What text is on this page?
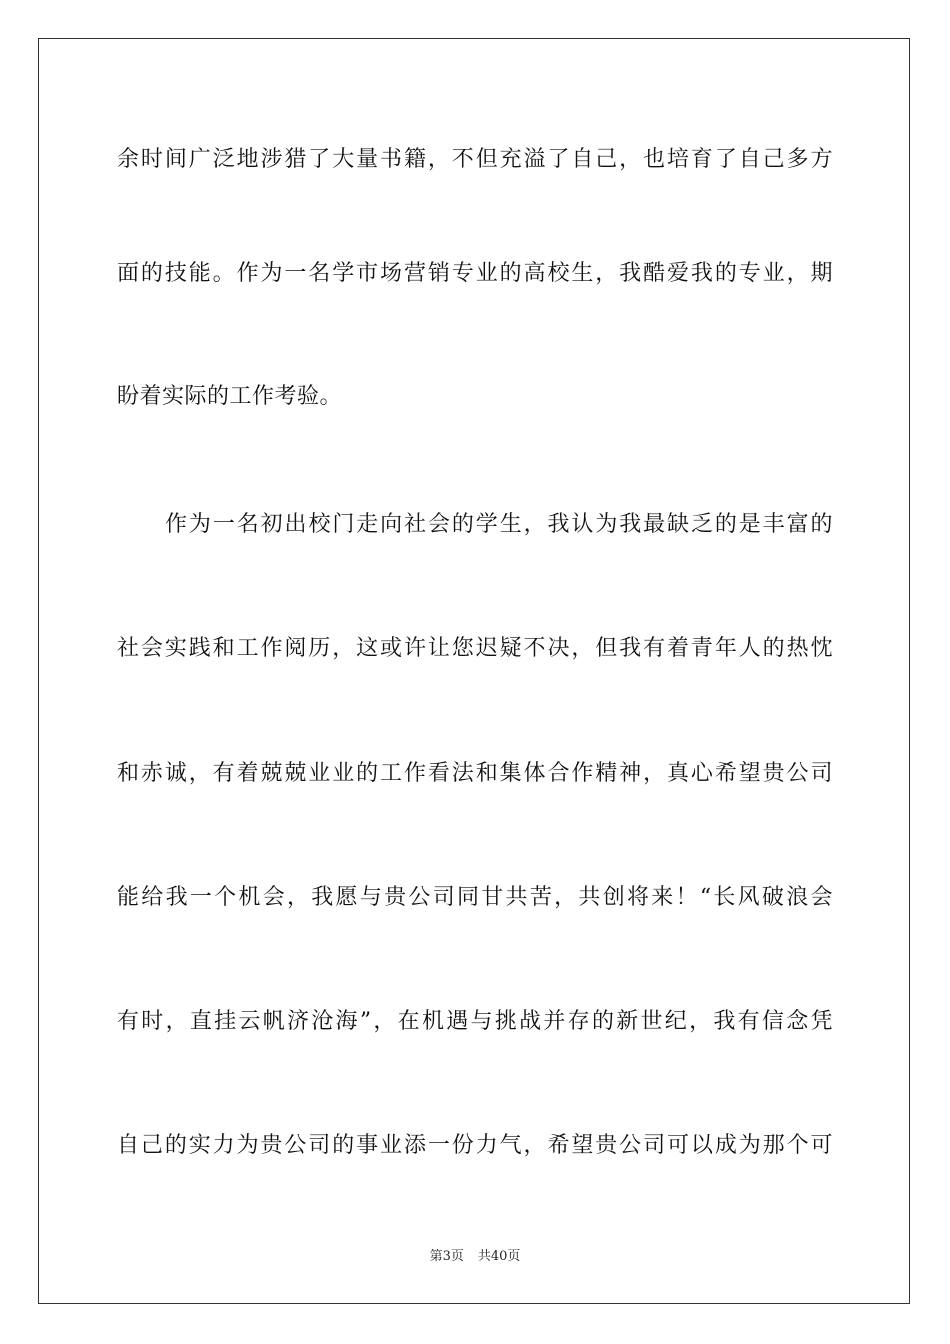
余时间广泛地涉猎了大量书籍，不但充溢了自己，也培育了自己多方
面的技能。作为一名学市场营销专业的高校生，我酷爱我的专业，期
盼着实际的工作考验。
作为一名初出校门走向社会的学生，我认为我最缺乏的是丰富的
社会实践和工作阅历，这或许让您迟疑不决，但我有着青年人的热忱
和赤诚，有着兢兢业业的工作看法和集体合作精神，真心希望贵公司
能给我一个机会，我愿与贵公司同甘共苦，共创将来！“长风破浪会
有时，直挂云帆济沧海”，在机遇与挑战并存的新世纪，我有信念凭
自己的实力为贵公司的事业添一份力气，希望贵公司可以成为那个可
第3页 共40页
